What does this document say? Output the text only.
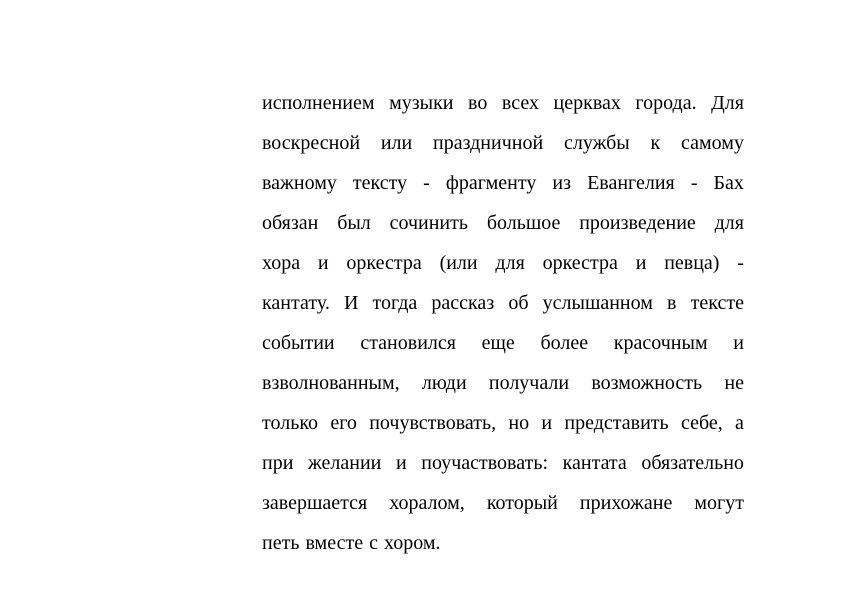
исполнением музыки во всех церквах города. Для
воскресной или праздничной службы к самому
важному тексту - фрагменту из Евангелия - Бах
обязан был сочинить большое произведение для
хора и оркестра (или для оркестра и певца) -
кантату. И тогда рассказ об услышанном в тексте
событии становился еще более красочным и
взволнованным, люди получали возможность не
только его почувствовать, но и представить себе, а
при желании и поучаствовать: кантата обязательно
завершается хоралом, который прихожане могут
петь вместе с хором.
